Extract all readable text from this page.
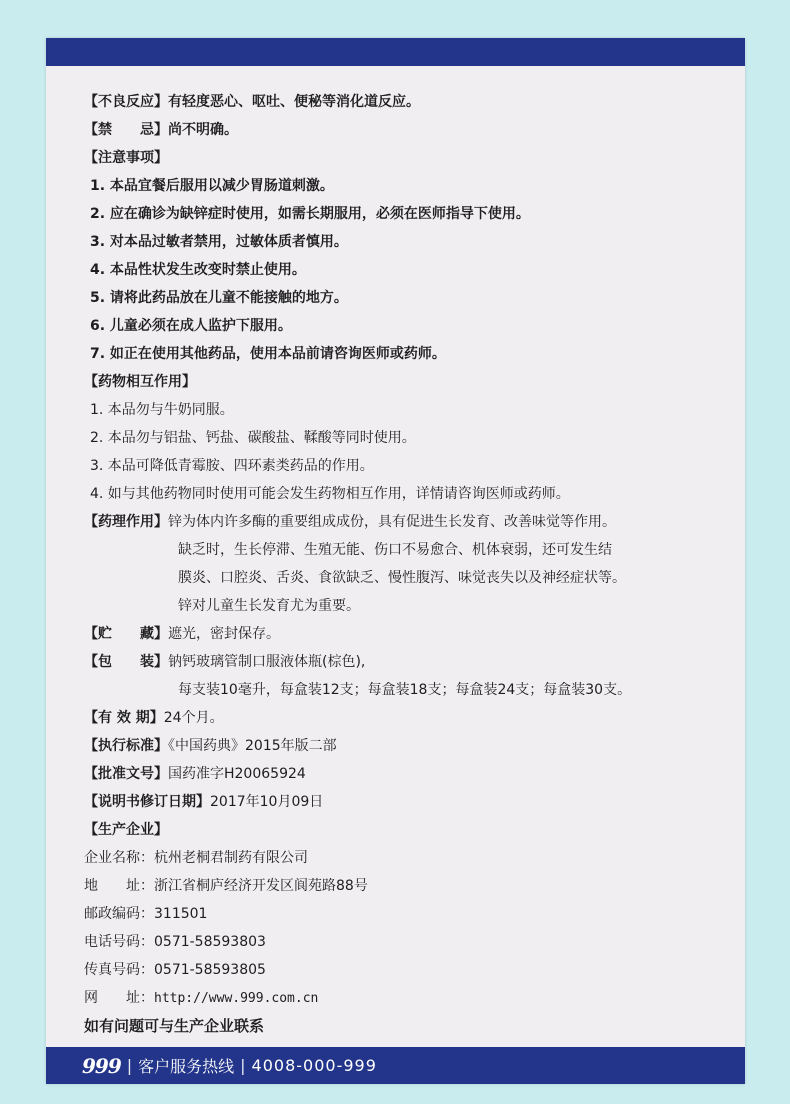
【不良反应】有轻度恶心、呕吐、便秘等消化道反应。
【禁　　忌】尚不明确。
【注意事项】
1. 本品宜餐后服用以减少胃肠道刺激。
2. 应在确诊为缺锌症时使用，如需长期服用，必须在医师指导下使用。
3. 对本品过敏者禁用，过敏体质者慎用。
4. 本品性状发生改变时禁止使用。
5. 请将此药品放在儿童不能接触的地方。
6. 儿童必须在成人监护下服用。
7. 如正在使用其他药品，使用本品前请咨询医师或药师。
【药物相互作用】
1. 本品勿与牛奶同服。
2. 本品勿与铝盐、钙盐、碳酸盐、鞣酸等同时使用。
3. 本品可降低青霉胺、四环素类药品的作用。
4. 如与其他药物同时使用可能会发生药物相互作用，详情请咨询医师或药师。
【药理作用】锌为体内许多酶的重要组成成份，具有促进生长发育、改善味觉等作用。
缺乏时，生长停滞、生殖无能、伤口不易愈合、机体衰弱，还可发生结
膜炎、口腔炎、舌炎、食欲缺乏、慢性腹泻、味觉丧失以及神经症状等。
锌对儿童生长发育尤为重要。
【贮　　藏】遮光，密封保存。
【包　　装】钠钙玻璃管制口服液体瓶(棕色),
每支装10毫升，每盒装12支；每盒装18支；每盒装24支；每盒装30支。
【有 效 期】24个月。
【执行标准】《中国药典》2015年版二部
【批准文号】国药准字H20065924
【说明书修订日期】2017年10月09日
【生产企业】
企业名称：杭州老桐君制药有限公司
地　　址：浙江省桐庐经济开发区阆苑路88号
邮政编码：311501
电话号码：0571-58593803
传真号码：0571-58593805
网　　址：http://www.999.com.cn
如有问题可与生产企业联系
999 | 客户服务热线 | 4008-000-999
